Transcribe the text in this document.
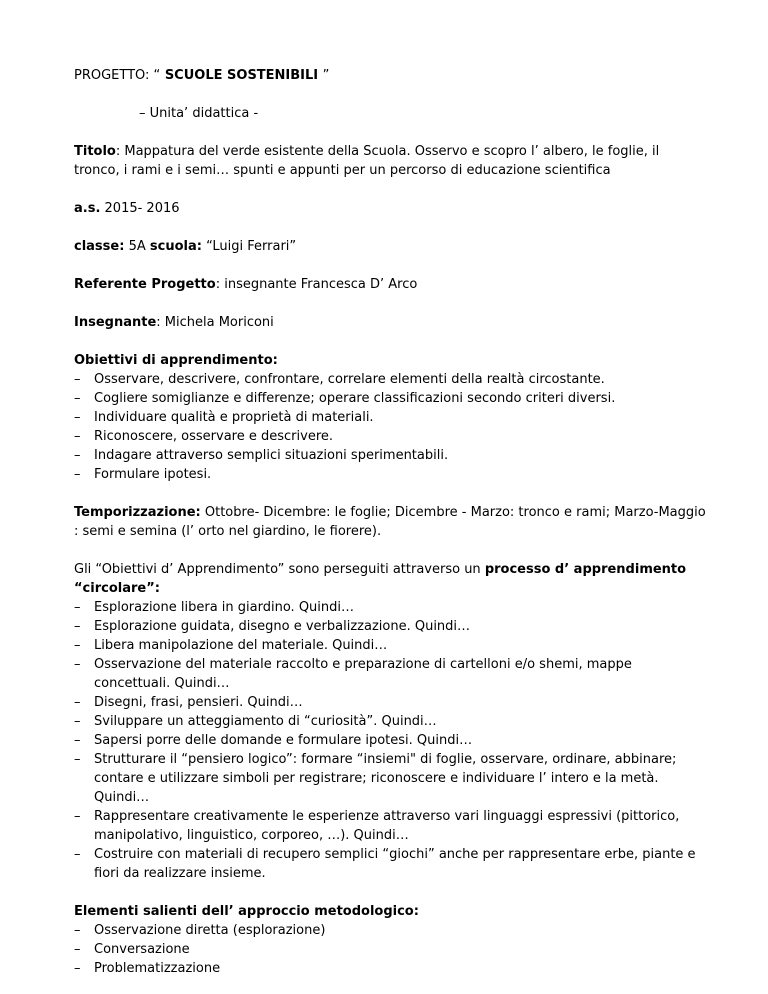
PROGETTO: “ SCUOLE SOSTENIBILI ”

– Unita’ didattica -

Titolo: Mappatura del verde esistente della Scuola. Osservo e scopro l’ albero, le foglie, il tronco, i rami e i semi… spunti e appunti per un percorso di educazione scientifica

a.s. 2015- 2016

classe: 5A scuola: “Luigi Ferrari”

Referente Progetto: insegnante Francesca D’ Arco

Insegnante: Michela Moriconi

Obiettivi di apprendimento:

– Osservare, descrivere, confrontare, correlare elementi della realtà circostante.
– Cogliere somiglianze e differenze; operare classificazioni secondo criteri diversi.
– Individuare qualità e proprietà di materiali.
– Riconoscere, osservare e descrivere.
– Indagare attraverso semplici situazioni sperimentabili.
– Formulare ipotesi.

Temporizzazione: Ottobre- Dicembre: le foglie; Dicembre - Marzo: tronco e rami; Marzo-Maggio : semi e semina (l’ orto nel giardino, le fiorere).

Gli “Obiettivi d’ Apprendimento” sono perseguiti attraverso un processo d’ apprendimento “circolare”:

– Esplorazione libera in giardino. Quindi…
– Esplorazione guidata, disegno e verbalizzazione. Quindi…
– Libera manipolazione del materiale. Quindi…
– Osservazione del materiale raccolto e preparazione di cartelloni e/o shemi, mappe concettuali. Quindi…
– Disegni, frasi, pensieri. Quindi…
– Sviluppare un atteggiamento di “curiosità”. Quindi…
– Sapersi porre delle domande e formulare ipotesi. Quindi…
– Strutturare il “pensiero logico”: formare “insiemi" di foglie, osservare, ordinare, abbinare; contare e utilizzare simboli per registrare; riconoscere e individuare l’ intero e la metà. Quindi…
– Rappresentare creativamente le esperienze attraverso vari linguaggi espressivi (pittorico, manipolativo, linguistico, corporeo, …). Quindi…
– Costruire con materiali di recupero semplici “giochi” anche per rappresentare erbe, piante e fiori da realizzare insieme.

Elementi salienti dell’ approccio metodologico:

– Osservazione diretta (esplorazione)
– Conversazione
– Problematizzazione
